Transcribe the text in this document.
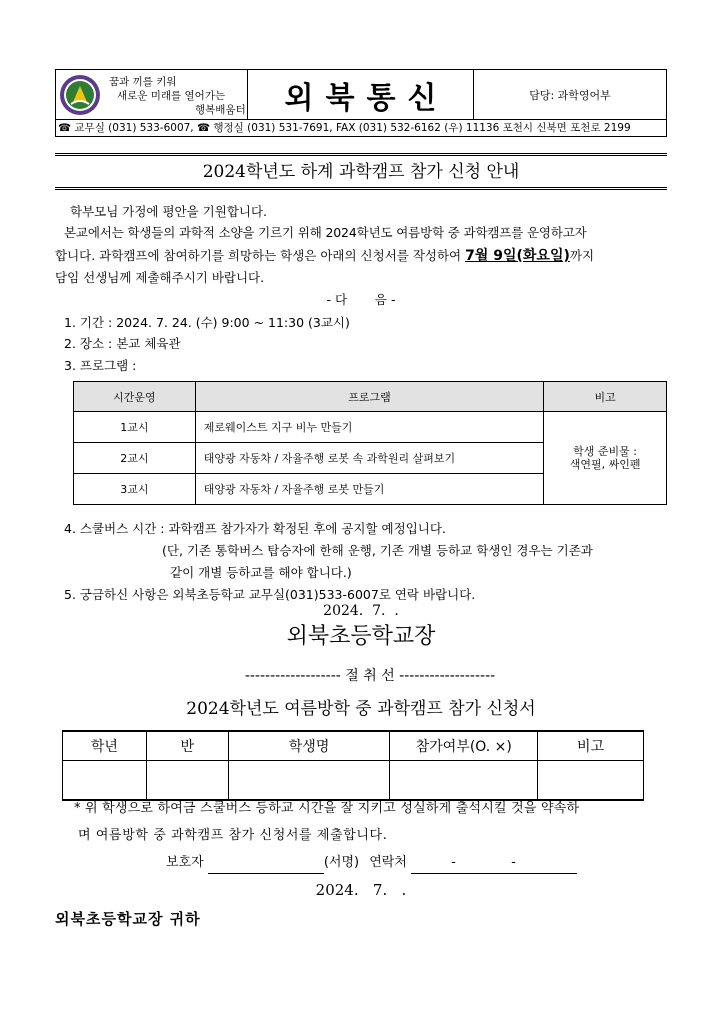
꿈과 끼를 키워
새로운 미래를 열어가는
행복배움터	외북통신	담당: 과학영어부
☎ 교무실 (031) 533-6007, ☎ 행정실 (031) 531-7691, FAX (031) 532-6162 (우) 11136 포천시 신북면 포천로 2199
2024학년도 하계 과학캠프 참가 신청 안내
학부모님 가정에 평안을 기원합니다.
본교에서는 학생들의 과학적 소양을 기르기 위해 2024학년도 여름방학 중 과학캠프를 운영하고자
합니다. 과학캠프에 참여하기를 희망하는 학생은 아래의 신청서를 작성하여 7월 9일(화요일)까지
담임 선생님께 제출해주시기 바랍니다.
- 다       음 -
1. 기간 : 2024. 7. 24. (수) 9:00 ~ 11:30 (3교시)
2. 장소 : 본교 체육관
3. 프로그램 :
시간운영	프로그램	비고
1교시	제로웨이스트 지구 비누 만들기	학생 준비물 :
색연필, 싸인펜

2교시	태양광 자동차 / 자율주행 로봇 속 과학원리 살펴보기	
3교시	태양광 자동차 / 자율주행 로봇 만들기	
4. 스쿨버스 시간 : 과학캠프 참가자가 확정된 후에 공지할 예정입니다.
(단, 기존 통학버스 탑승자에 한해 운행, 기존 개별 등하교 학생인 경우는 기존과
같이 개별 등하교를 해야 합니다.)
5. 궁금하신 사항은 외북초등학교 교무실(031)533-6007로 연락 바랍니다.
2024.  7.  .
외북초등학교장
------------------- 절 취 선 -------------------
2024학년도 여름방학 중 과학캠프 참가 신청서
학년	반	학생명	참가여부(O. ×)	비고

* 위 학생으로 하여금 스쿨버스 등하교 시간을 잘 지키고 성실하게 출석시킬 것을 약속하
며 여름방학 중 과학캠프 참가 신청서를 제출합니다.
보호자	(서명) 연락처	-	-
2024.   7.   .
외북초등학교장 귀하
